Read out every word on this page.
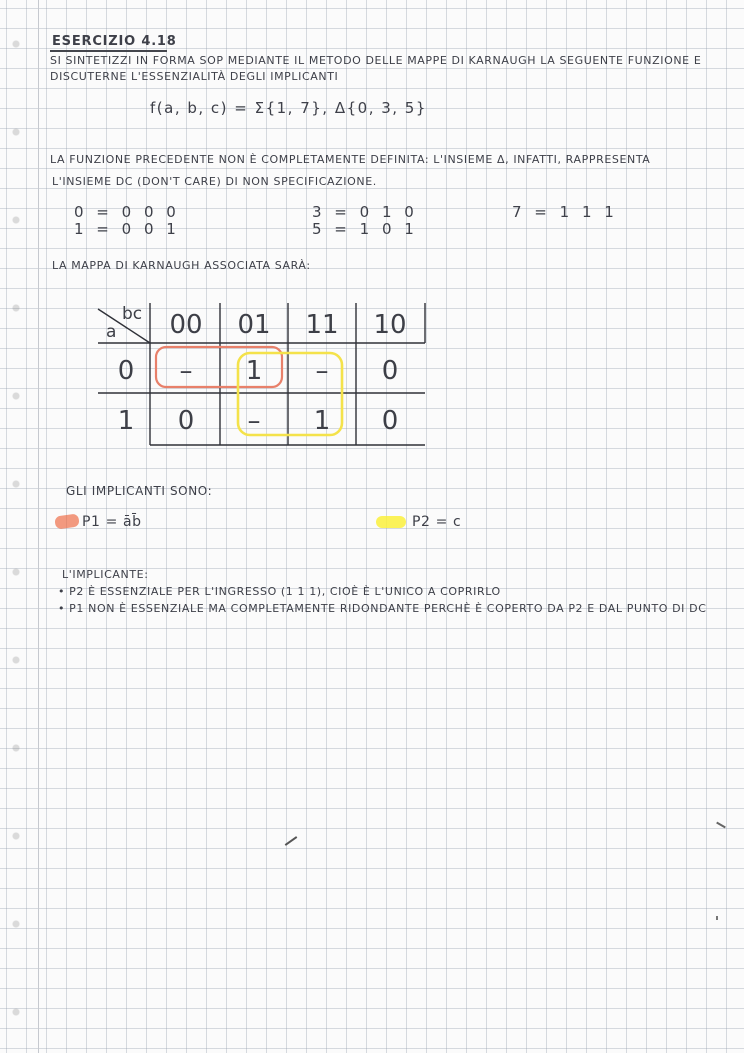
ESERCIZIO 4.18
SI SINTETIZZI IN FORMA SOP MEDIANTE IL METODO DELLE MAPPE DI KARNAUGH LA SEGUENTE FUNZIONE E
DISCUTERNE L'ESSENZIALITÀ DEGLI IMPLICANTI
f(a, b, c) = Σ{1, 7}, Δ{0, 3, 5}
LA FUNZIONE PRECEDENTE NON È COMPLETAMENTE DEFINITA: L'INSIEME Δ, INFATTI, RAPPRESENTA
L'INSIEME DC (DON'T CARE) DI NON SPECIFICAZIONE.
0 = 0 0 0
1 = 0 0 1
3 = 0 1 0
5 = 1 0 1
7 = 1 1 1
LA MAPPA DI KARNAUGH ASSOCIATA SARÀ:
bc
a 00 01 11 10
0
1
– 1 – 0
0 – 1 0
GLI IMPLICANTI SONO:
P1 = āb̄	P2 = c
L'IMPLICANTE:
• P2 È ESSENZIALE PER L'INGRESSO (1 1 1), CIOÈ È L'UNICO A COPRIRLO
• P1 NON È ESSENZIALE MA COMPLETAMENTE RIDONDANTE PERCHÈ È COPERTO DA P2 E DAL PUNTO DI DC
